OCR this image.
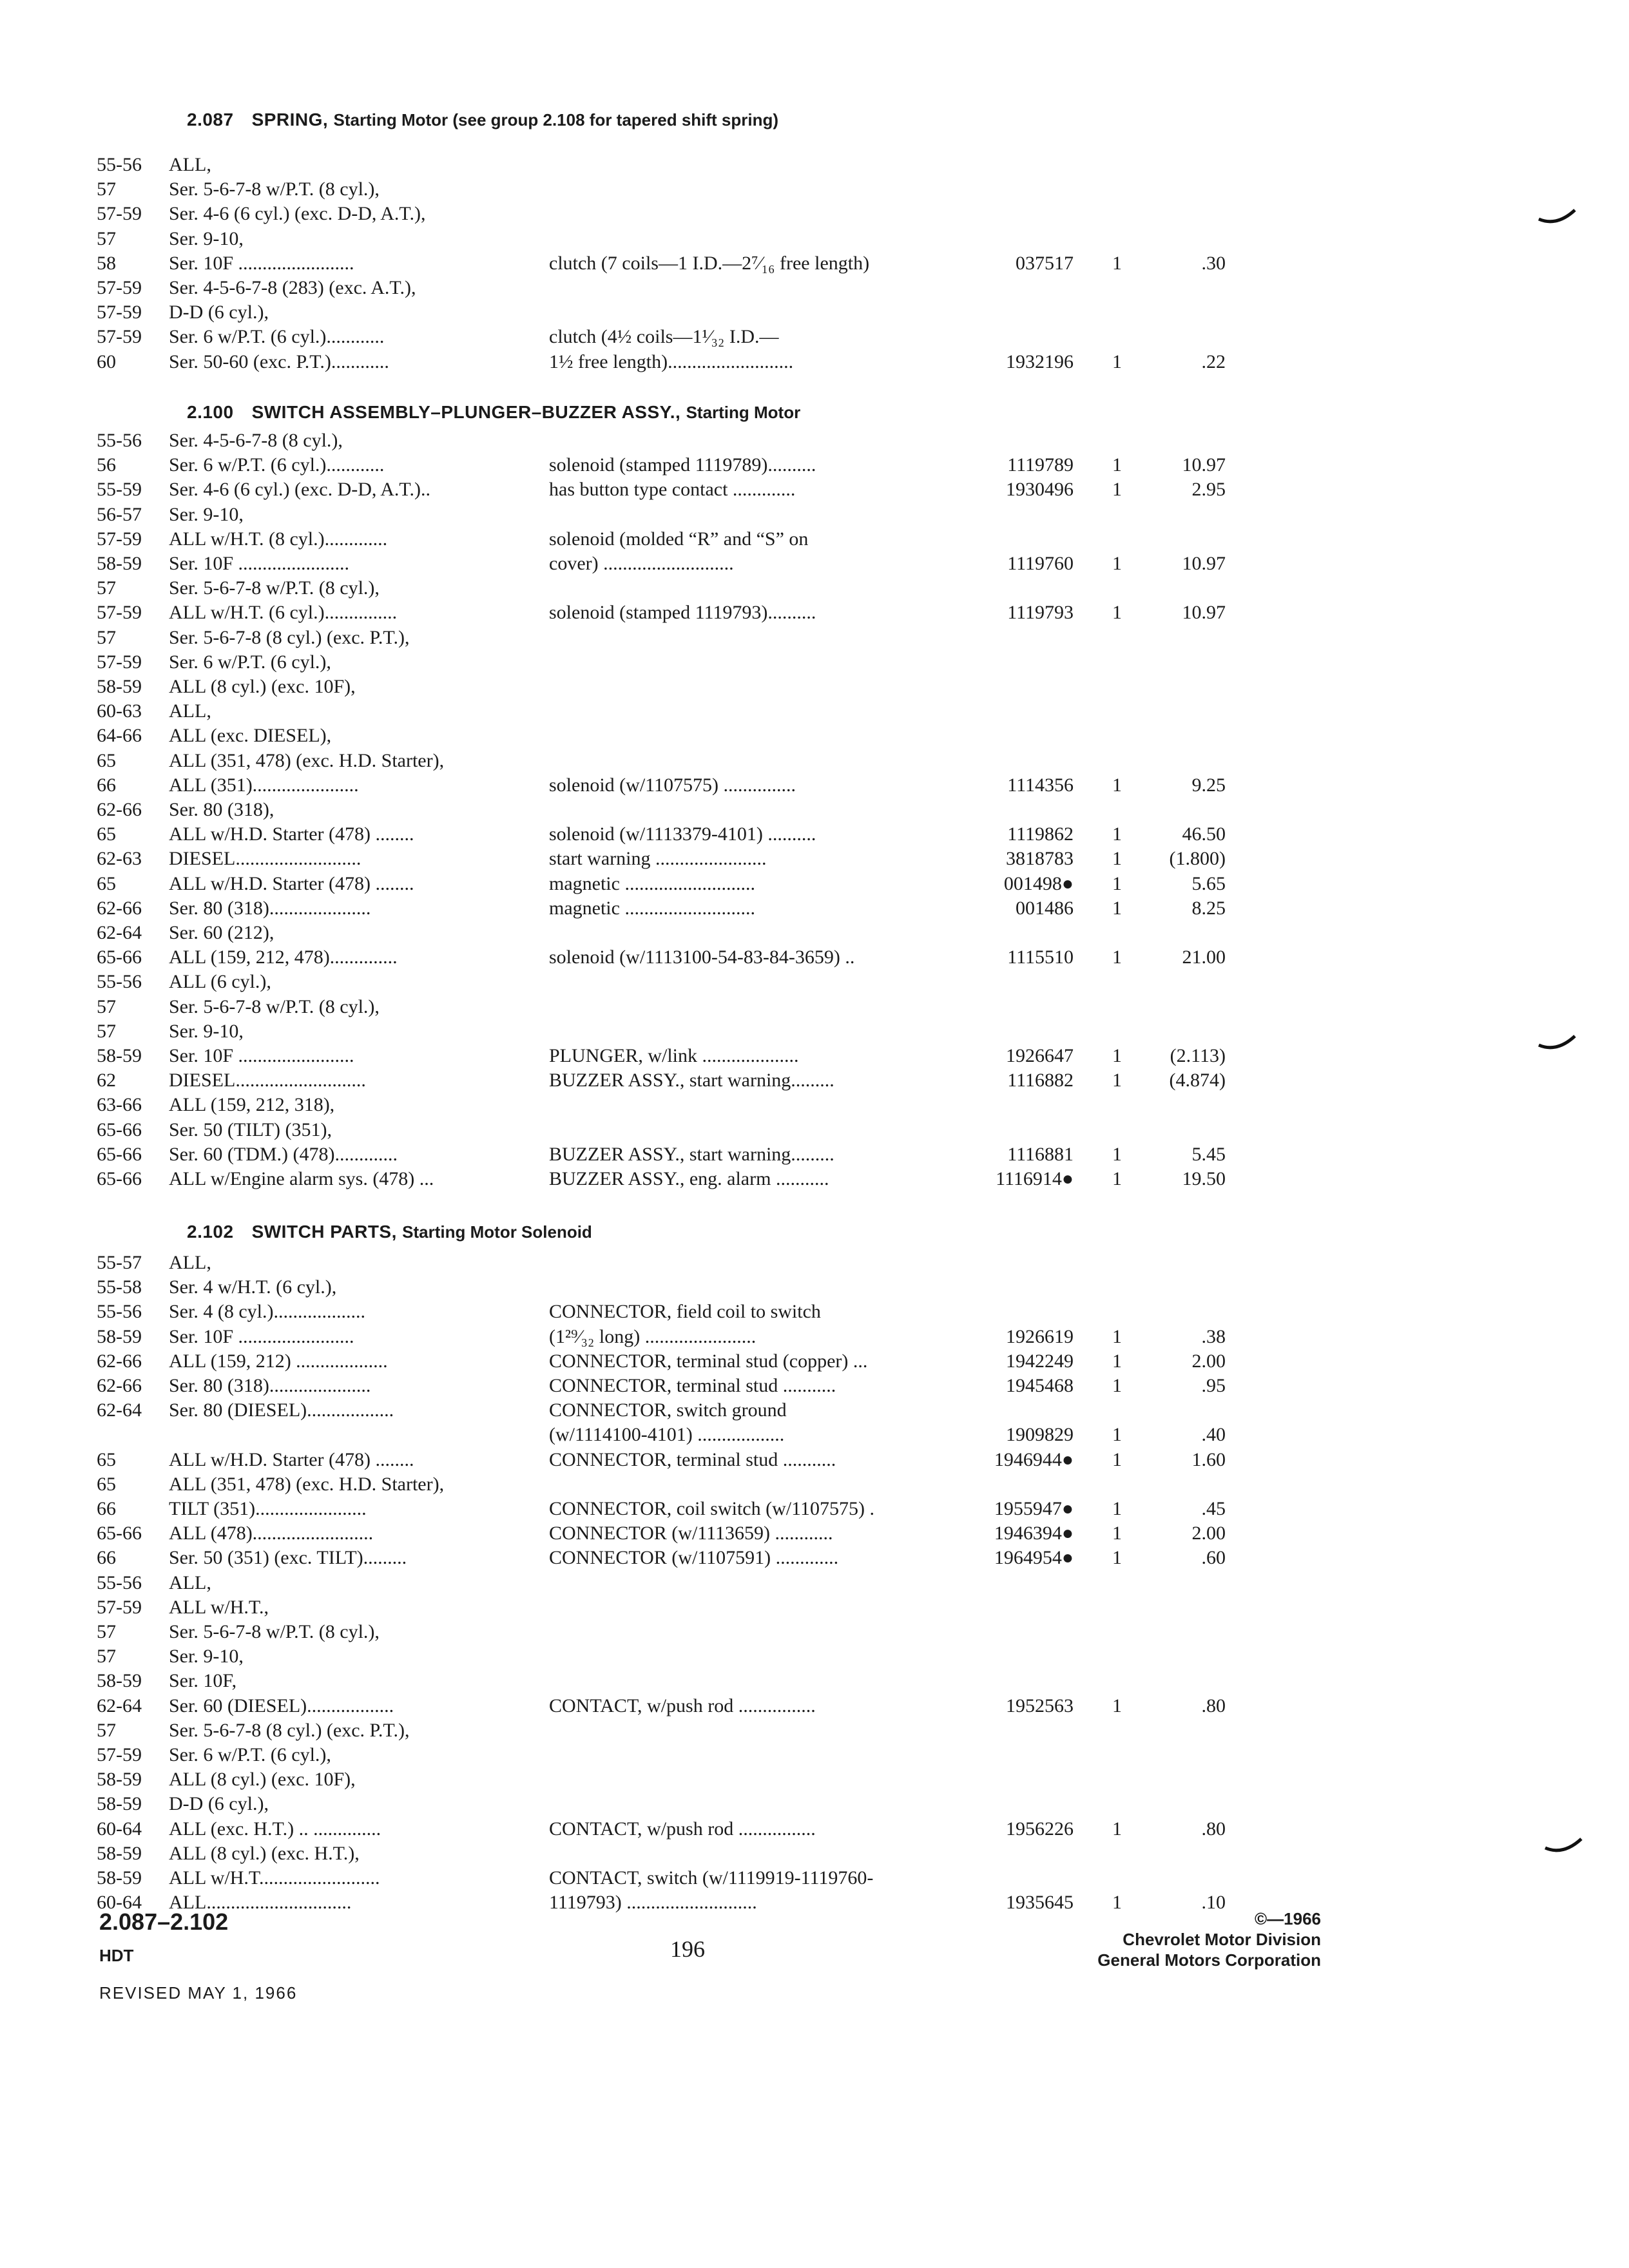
2.087 SPRING, Starting Motor (see group 2.108 for tapered shift spring)
55-56 ALL,
57	Ser. 5-6-7-8 w/P.T. (8 cyl.),
57-59 Ser. 4-6 (6 cyl.) (exc. D-D, A.T.),
57	Ser. 9-10,
58	Ser. 10F ........................	clutch (7 coils—1 I.D.—2⁷⁄₁₆ free length)	037517 1	.30
57-59 Ser. 4-5-6-7-8 (283) (exc. A.T.),
57-59 D-D (6 cyl.),
57-59 Ser. 6 w/P.T. (6 cyl.)............	clutch (4½ coils—1¹⁄₃₂ I.D.—
60	Ser. 50-60 (exc. P.T.)............	1½ free length)..........................	1932196 1	.22
2.100 SWITCH ASSEMBLY–PLUNGER–BUZZER ASSY., Starting Motor
55-56 Ser. 4-5-6-7-8 (8 cyl.),
56	Ser. 6 w/P.T. (6 cyl.)............	solenoid (stamped 1119789)..........	1119789 1	10.97
55-59 Ser. 4-6 (6 cyl.) (exc. D-D, A.T.)..	has button type contact .............	1930496 1	2.95
56-57 Ser. 9-10,
57-59 ALL w/H.T. (8 cyl.).............	solenoid (molded “R” and “S” on
58-59 Ser. 10F .......................	cover) ...........................	1119760 1	10.97
57	Ser. 5-6-7-8 w/P.T. (8 cyl.),
57-59 ALL w/H.T. (6 cyl.)...............	solenoid (stamped 1119793)..........	1119793 1	10.97
57	Ser. 5-6-7-8 (8 cyl.) (exc. P.T.),
57-59 Ser. 6 w/P.T. (6 cyl.),
58-59 ALL (8 cyl.) (exc. 10F),
60-63 ALL,
64-66 ALL (exc. DIESEL),
65	ALL (351, 478) (exc. H.D. Starter),
66	ALL (351)......................	solenoid (w/1107575) ...............	1114356 1	9.25
62-66 Ser. 80 (318),
65	ALL w/H.D. Starter (478) ........	solenoid (w/1113379-4101) ..........	1119862 1	46.50
62-63 DIESEL..........................	start warning .......................	3818783 1 (1.800)
65	ALL w/H.D. Starter (478) ........	magnetic ...........................	001498● 1	5.65
62-66 Ser. 80 (318).....................	magnetic ...........................	001486 1	8.25
62-64 Ser. 60 (212),
65-66 ALL (159, 212, 478)..............	solenoid (w/1113100-54-83-84-3659) ..	1115510 1	21.00
55-56 ALL (6 cyl.),
57	Ser. 5-6-7-8 w/P.T. (8 cyl.),
57	Ser. 9-10,
58-59 Ser. 10F ........................	PLUNGER, w/link ....................	1926647 1 (2.113)
62	DIESEL...........................	BUZZER ASSY., start warning.........	1116882 1 (4.874)
63-66 ALL (159, 212, 318),
65-66 Ser. 50 (TILT) (351),
65-66 Ser. 60 (TDM.) (478).............	BUZZER ASSY., start warning.........	1116881 1	5.45
65-66 ALL w/Engine alarm sys. (478) ...	BUZZER ASSY., eng. alarm ...........	1116914● 1	19.50
2.102 SWITCH PARTS, Starting Motor Solenoid
55-57 ALL,
55-58 Ser. 4 w/H.T. (6 cyl.),
55-56 Ser. 4 (8 cyl.)...................	CONNECTOR, field coil to switch
58-59 Ser. 10F ........................	(1²⁹⁄₃₂ long) .......................	1926619 1	.38
62-66 ALL (159, 212) ...................	CONNECTOR, terminal stud (copper) ...	1942249 1	2.00
62-66 Ser. 80 (318).....................	CONNECTOR, terminal stud ...........	1945468 1	.95
62-64 Ser. 80 (DIESEL)..................	CONNECTOR, switch ground
(w/1114100-4101) ..................	1909829 1	.40
65	ALL w/H.D. Starter (478) ........	CONNECTOR, terminal stud ...........	1946944● 1	1.60
65	ALL (351, 478) (exc. H.D. Starter),
66	TILT (351).......................	CONNECTOR, coil switch (w/1107575) .	1955947● 1	.45
65-66 ALL (478).........................	CONNECTOR (w/1113659) ............	1946394● 1	2.00
66	Ser. 50 (351) (exc. TILT).........	CONNECTOR (w/1107591) .............	1964954● 1	.60
55-56 ALL,
57-59 ALL w/H.T.,
57	Ser. 5-6-7-8 w/P.T. (8 cyl.),
57	Ser. 9-10,
58-59 Ser. 10F,
62-64 Ser. 60 (DIESEL)..................	CONTACT, w/push rod ................	1952563 1	.80
57	Ser. 5-6-7-8 (8 cyl.) (exc. P.T.),
57-59 Ser. 6 w/P.T. (6 cyl.),
58-59 ALL (8 cyl.) (exc. 10F),
58-59 D-D (6 cyl.),
60-64 ALL (exc. H.T.) .. ..............	CONTACT, w/push rod ................	1956226 1	.80
58-59 ALL (8 cyl.) (exc. H.T.),
58-59 ALL w/H.T.........................	CONTACT, switch (w/1119919-1119760-
60-64 ALL..............................	1119793) ...........................	1935645 1	.10
2.087–2.102
HDT
REVISED MAY 1, 1966
196
©—1966
Chevrolet Motor Division
General Motors Corporation
